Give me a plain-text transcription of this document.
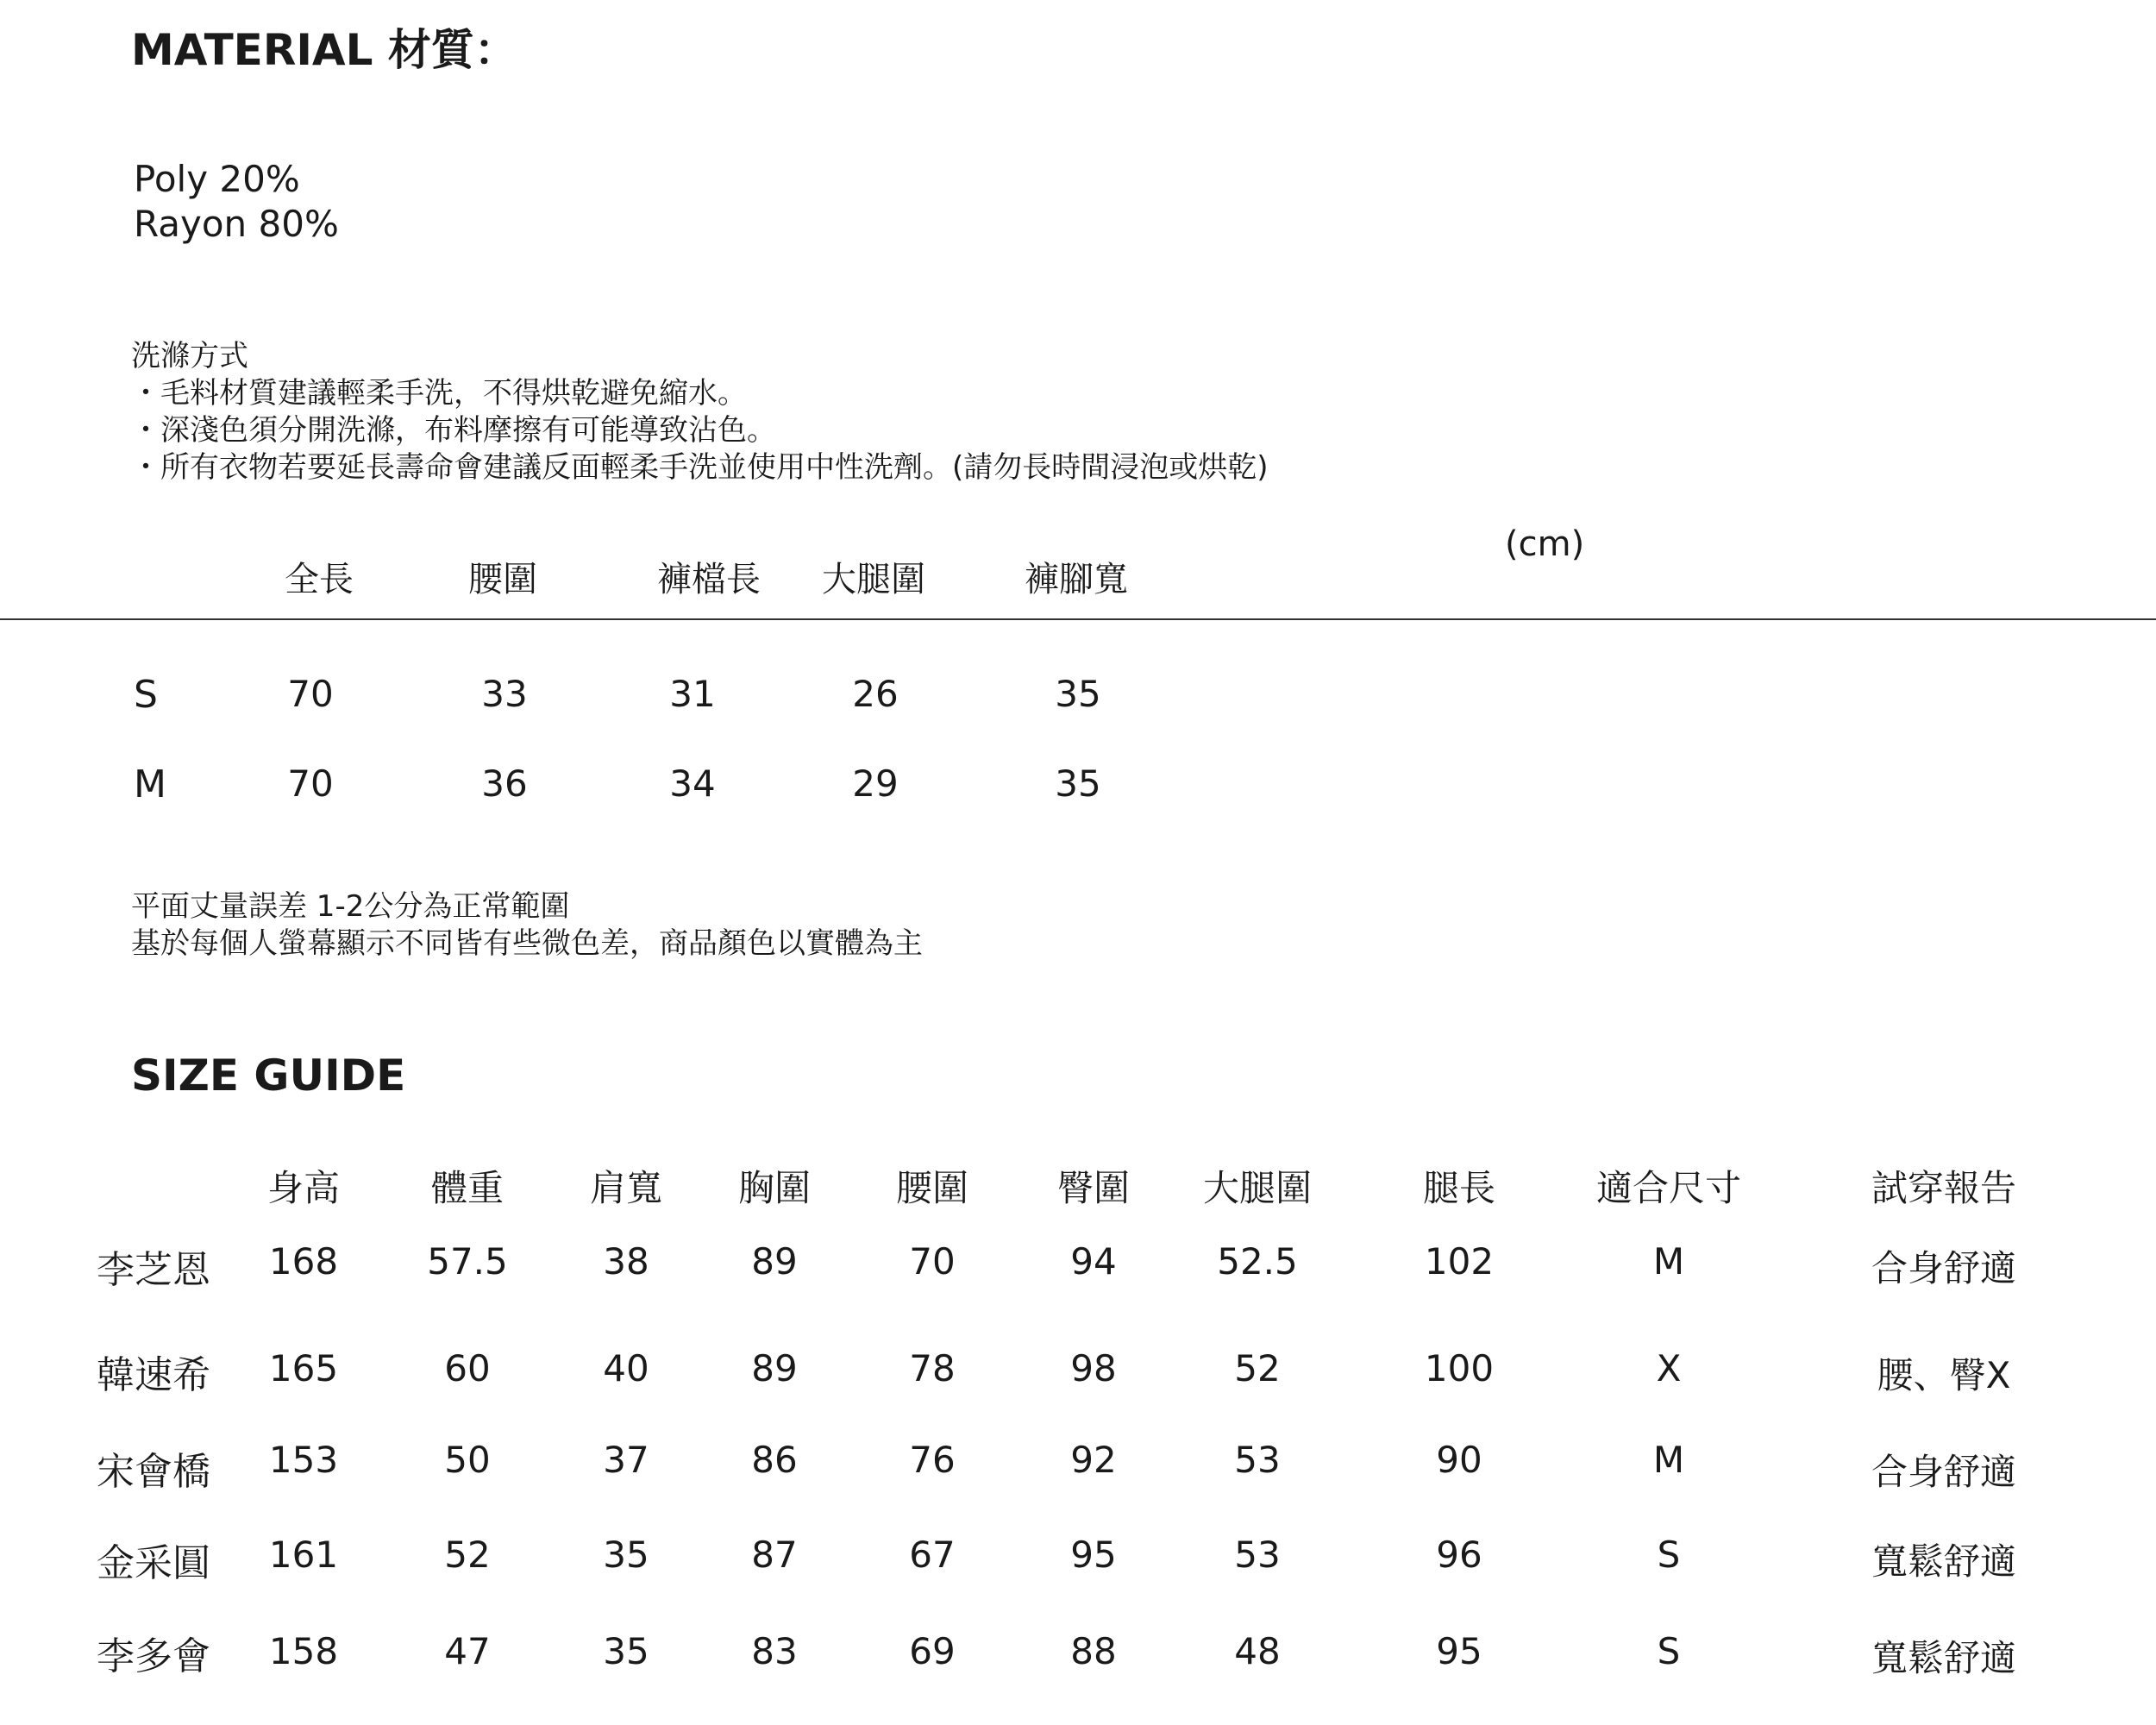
MATERIAL 材質：
Poly 20%
Rayon 80%
洗滌方式
・毛料材質建議輕柔手洗，不得烘乾避免縮水。
・深淺色須分開洗滌，布料摩擦有可能導致沾色。
・所有衣物若要延長壽命會建議反面輕柔手洗並使用中性洗劑。(請勿長時間浸泡或烘乾)
(cm)
全長	腰圍	褲檔長 大腿圍	褲腳寬
S	70	33	31	26	35
M	70	36	34	29	35
平面丈量誤差 1-2公分為正常範圍
基於每個人螢幕顯示不同皆有些微色差，商品顏色以實體為主
SIZE GUIDE
身高	體重 肩寬 胸圍 腰圍 臀圍 大腿圍	腿長	適合尺寸	試穿報告
李芝恩 168 57.5	38	89	70	94	52.5	102	M	合身舒適
韓速希 165	60	40	89	78	98	52	100	X	腰、臀X
宋會橋 153	50	37	86	76	92	53	90	M	合身舒適
金采圓 161	52	35	87	67	95	53	96	S	寬鬆舒適
李多會 158	47	35	83	69	88	48	95	S	寬鬆舒適
